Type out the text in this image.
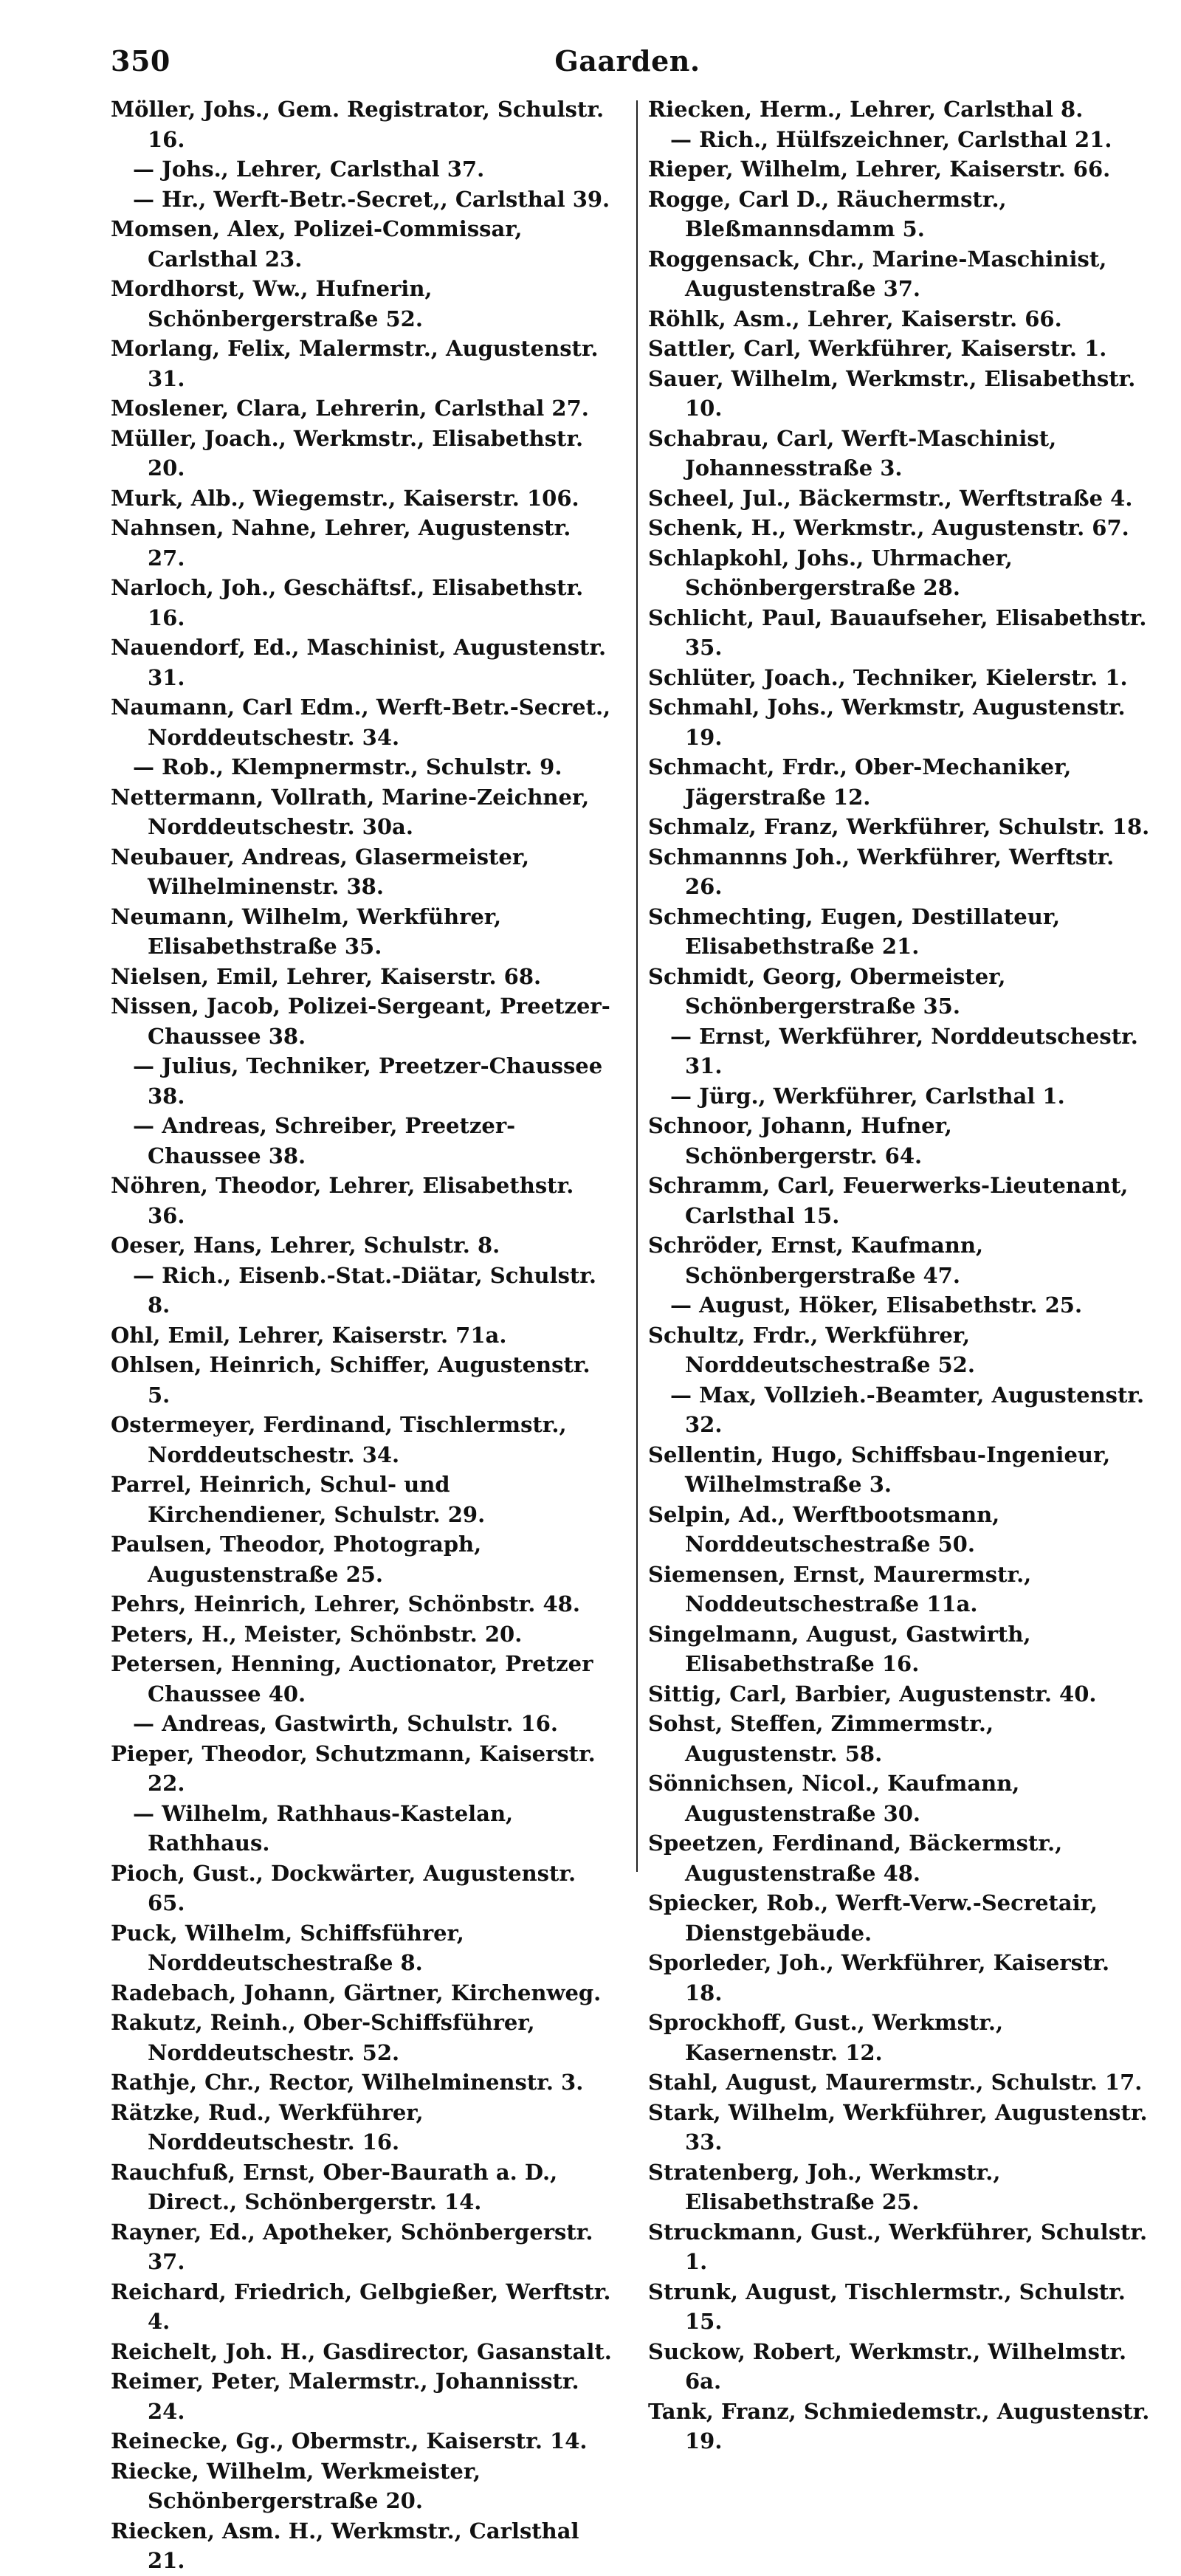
350	Gaarden.

Möller, Johs., Gem. Registrator, Schulstr. 16.

— Johs., Lehrer, Carlsthal 37.

— Hr., Werft-Betr.-Secret,, Carlsthal 39.

Momsen, Alex, Polizei-Commissar, Carlsthal 23.

Mordhorst, Ww., Hufnerin, Schönbergerstraße 52.

Morlang, Felix, Malermstr., Augustenstr. 31.

Moslener, Clara, Lehrerin, Carlsthal 27.

Müller, Joach., Werkmstr., Elisabethstr. 20.

Murk, Alb., Wiegemstr., Kaiserstr. 106.

Nahnsen, Nahne, Lehrer, Augustenstr. 27.

Narloch, Joh., Geschäftsf., Elisabethstr. 16.

Nauendorf, Ed., Maschinist, Augustenstr. 31.

Naumann, Carl Edm., Werft-Betr.-Secret., Norddeutschestr. 34.

— Rob., Klempnermstr., Schulstr. 9.

Nettermann, Vollrath, Marine-Zeichner, Norddeutschestr. 30a.

Neubauer, Andreas, Glasermeister, Wilhelminenstr. 38.

Neumann, Wilhelm, Werkführer, Elisabethstraße 35.

Nielsen, Emil, Lehrer, Kaiserstr. 68.

Nissen, Jacob, Polizei-Sergeant, Preetzer-Chaussee 38.

— Julius, Techniker, Preetzer-Chaussee 38.

— Andreas, Schreiber, Preetzer-Chaussee 38.

Nöhren, Theodor, Lehrer, Elisabethstr. 36.

Oeser, Hans, Lehrer, Schulstr. 8.

— Rich., Eisenb.-Stat.-Diätar, Schulstr. 8.

Ohl, Emil, Lehrer, Kaiserstr. 71a.

Ohlsen, Heinrich, Schiffer, Augustenstr. 5.

Ostermeyer, Ferdinand, Tischlermstr., Norddeutschestr. 34.

Parrel, Heinrich, Schul- und Kirchendiener, Schulstr. 29.

Paulsen, Theodor, Photograph, Augustenstraße 25.

Pehrs, Heinrich, Lehrer, Schönbstr. 48.

Peters, H., Meister, Schönbstr. 20.

Petersen, Henning, Auctionator, Pretzer Chaussee 40.

— Andreas, Gastwirth, Schulstr. 16.

Pieper, Theodor, Schutzmann, Kaiserstr. 22.

— Wilhelm, Rathhaus-Kastelan, Rathhaus.

Pioch, Gust., Dockwärter, Augustenstr. 65.

Puck, Wilhelm, Schiffsführer, Norddeutschestraße 8.

Radebach, Johann, Gärtner, Kirchenweg.

Rakutz, Reinh., Ober-Schiffsführer, Norddeutschestr. 52.

Rathje, Chr., Rector, Wilhelminenstr. 3.

Rätzke, Rud., Werkführer, Norddeutschestr. 16.

Rauchfuß, Ernst, Ober-Baurath a. D., Direct., Schönbergerstr. 14.

Rayner, Ed., Apotheker, Schönbergerstr. 37.

Reichard, Friedrich, Gelbgießer, Werftstr. 4.

Reichelt, Joh. H., Gasdirector, Gasanstalt.

Reimer, Peter, Malermstr., Johannisstr. 24.

Reinecke, Gg., Obermstr., Kaiserstr. 14.

Riecke, Wilhelm, Werkmeister, Schönbergerstraße 20.

Riecken, Asm. H., Werkmstr., Carlsthal 21.

Riecken, Herm., Lehrer, Carlsthal 8.

— Rich., Hülfszeichner, Carlsthal 21.

Rieper, Wilhelm, Lehrer, Kaiserstr. 66.

Rogge, Carl D., Räuchermstr., Bleßmannsdamm 5.

Roggensack, Chr., Marine-Maschinist, Augustenstraße 37.

Röhlk, Asm., Lehrer, Kaiserstr. 66.

Sattler, Carl, Werkführer, Kaiserstr. 1.

Sauer, Wilhelm, Werkmstr., Elisabethstr. 10.

Schabrau, Carl, Werft-Maschinist, Johannesstraße 3.

Scheel, Jul., Bäckermstr., Werftstraße 4.

Schenk, H., Werkmstr., Augustenstr. 67.

Schlapkohl, Johs., Uhrmacher, Schönbergerstraße 28.

Schlicht, Paul, Bauaufseher, Elisabethstr. 35.

Schlüter, Joach., Techniker, Kielerstr. 1.

Schmahl, Johs., Werkmstr, Augustenstr. 19.

Schmacht, Frdr., Ober-Mechaniker, Jägerstraße 12.

Schmalz, Franz, Werkführer, Schulstr. 18.

Schmannns Joh., Werkführer, Werftstr. 26.

Schmechting, Eugen, Destillateur, Elisabethstraße 21.

Schmidt, Georg, Obermeister, Schönbergerstraße 35.

— Ernst, Werkführer, Norddeutschestr. 31.

— Jürg., Werkführer, Carlsthal 1.

Schnoor, Johann, Hufner, Schönbergerstr. 64.

Schramm, Carl, Feuerwerks-Lieutenant, Carlsthal 15.

Schröder, Ernst, Kaufmann, Schönbergerstraße 47.

— August, Höker, Elisabethstr. 25.

Schultz, Frdr., Werkführer, Norddeutschestraße 52.

— Max, Vollzieh.-Beamter, Augustenstr. 32.

Sellentin, Hugo, Schiffsbau-Ingenieur, Wilhelmstraße 3.

Selpin, Ad., Werftbootsmann, Norddeutschestraße 50.

Siemensen, Ernst, Maurermstr., Noddeutschestraße 11a.

Singelmann, August, Gastwirth, Elisabethstraße 16.

Sittig, Carl, Barbier, Augustenstr. 40.

Sohst, Steffen, Zimmermstr., Augustenstr. 58.

Sönnichsen, Nicol., Kaufmann, Augustenstraße 30.

Speetzen, Ferdinand, Bäckermstr., Augustenstraße 48.

Spiecker, Rob., Werft-Verw.-Secretair, Dienstgebäude.

Sporleder, Joh., Werkführer, Kaiserstr. 18.

Sprockhoff, Gust., Werkmstr., Kasernenstr. 12.

Stahl, August, Maurermstr., Schulstr. 17.

Stark, Wilhelm, Werkführer, Augustenstr. 33.

Stratenberg, Joh., Werkmstr., Elisabethstraße 25.

Struckmann, Gust., Werkführer, Schulstr. 1.

Strunk, August, Tischlermstr., Schulstr. 15.

Suckow, Robert, Werkmstr., Wilhelmstr. 6a.

Tank, Franz, Schmiedemstr., Augustenstr. 19.
